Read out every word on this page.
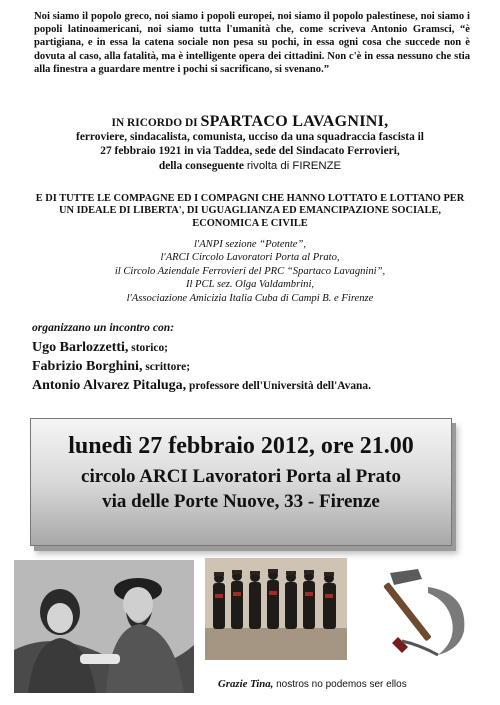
Noi siamo il popolo greco, noi siamo i popoli europei, noi siamo il popolo palestinese, noi siamo i popoli latinoamericani, noi siamo tutta l'umanità che, come scriveva Antonio Gramsci, “è partigiana, e in essa la catena sociale non pesa su pochi, in essa ogni cosa che succede non è dovuta al caso, alla fatalità, ma è intelligente opera dei cittadini. Non c'è in essa nessuno che stia alla finestra a guardare mentre i pochi si sacrificano, si svenano.”
IN RICORDO DI SPARTACO LAVAGNINI,
ferroviere, sindacalista, comunista, ucciso da una squadraccia fascista il
27 febbraio 1921 in via Taddea, sede del Sindacato Ferrovieri,
della conseguente rivolta di FIRENZE
E DI TUTTE LE COMPAGNE ED I COMPAGNI CHE HANNO LOTTATO E LOTTANO PER
UN IDEALE DI LIBERTA', DI UGUAGLIANZA ED EMANCIPAZIONE SOCIALE,
ECONOMICA E CIVILE
l'ANPI sezione “Potente”,
l'ARCI Circolo Lavoratori Porta al Prato,
il Circolo Aziendale Ferrovieri del PRC “Spartaco Lavagnini”,
Il PCL sez. Olga Valdambrini,
l'Associazione Amicizia Italia Cuba di Campi B. e Firenze
organizzano un incontro con:
Ugo Barlozzetti, storico;
Fabrizio Borghini, scrittore;
Antonio Alvarez Pitaluga, professore dell'Università dell'Avana.
lunedì 27 febbraio 2012, ore 21.00
circolo ARCI Lavoratori Porta al Prato
via delle Porte Nuove, 33 - Firenze
Grazie Tina, nostros no podemos ser ellos
